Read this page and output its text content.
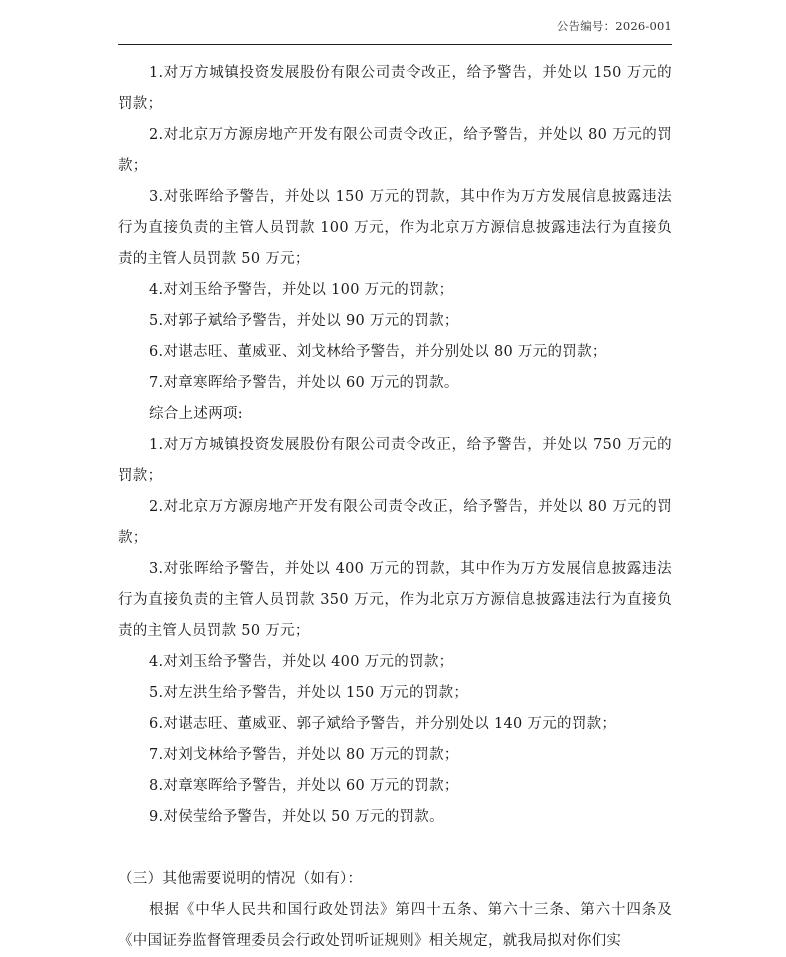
公告编号：2026-001

1.对万方城镇投资发展股份有限公司责令改正，给予警告，并处以 150 万元的罚款；

2.对北京万方源房地产开发有限公司责令改正，给予警告，并处以 80 万元的罚款；

3.对张晖给予警告，并处以 150 万元的罚款，其中作为万方发展信息披露违法行为直接负责的主管人员罚款 100 万元，作为北京万方源信息披露违法行为直接负责的主管人员罚款 50 万元；

4.对刘玉给予警告，并处以 100 万元的罚款；

5.对郭子斌给予警告，并处以 90 万元的罚款；

6.对谌志旺、董威亚、刘戈林给予警告，并分别处以 80 万元的罚款；

7.对章寒晖给予警告，并处以 60 万元的罚款。

综合上述两项:

1.对万方城镇投资发展股份有限公司责令改正，给予警告，并处以 750 万元的罚款；

2.对北京万方源房地产开发有限公司责令改正，给予警告，并处以 80 万元的罚款；

3.对张晖给予警告，并处以 400 万元的罚款，其中作为万方发展信息披露违法行为直接负责的主管人员罚款 350 万元，作为北京万方源信息披露违法行为直接负责的主管人员罚款 50 万元；

4.对刘玉给予警告，并处以 400 万元的罚款；

5.对左洪生给予警告，并处以 150 万元的罚款；

6.对谌志旺、董威亚、郭子斌给予警告，并分别处以 140 万元的罚款；

7.对刘戈林给予警告，并处以 80 万元的罚款；

8.对章寒晖给予警告，并处以 60 万元的罚款；

9.对侯莹给予警告，并处以 50 万元的罚款。

（三）其他需要说明的情况（如有）：

根据《中华人民共和国行政处罚法》第四十五条、第六十三条、第六十四条及《中国证券监督管理委员会行政处罚听证规则》相关规定，就我局拟对你们实
